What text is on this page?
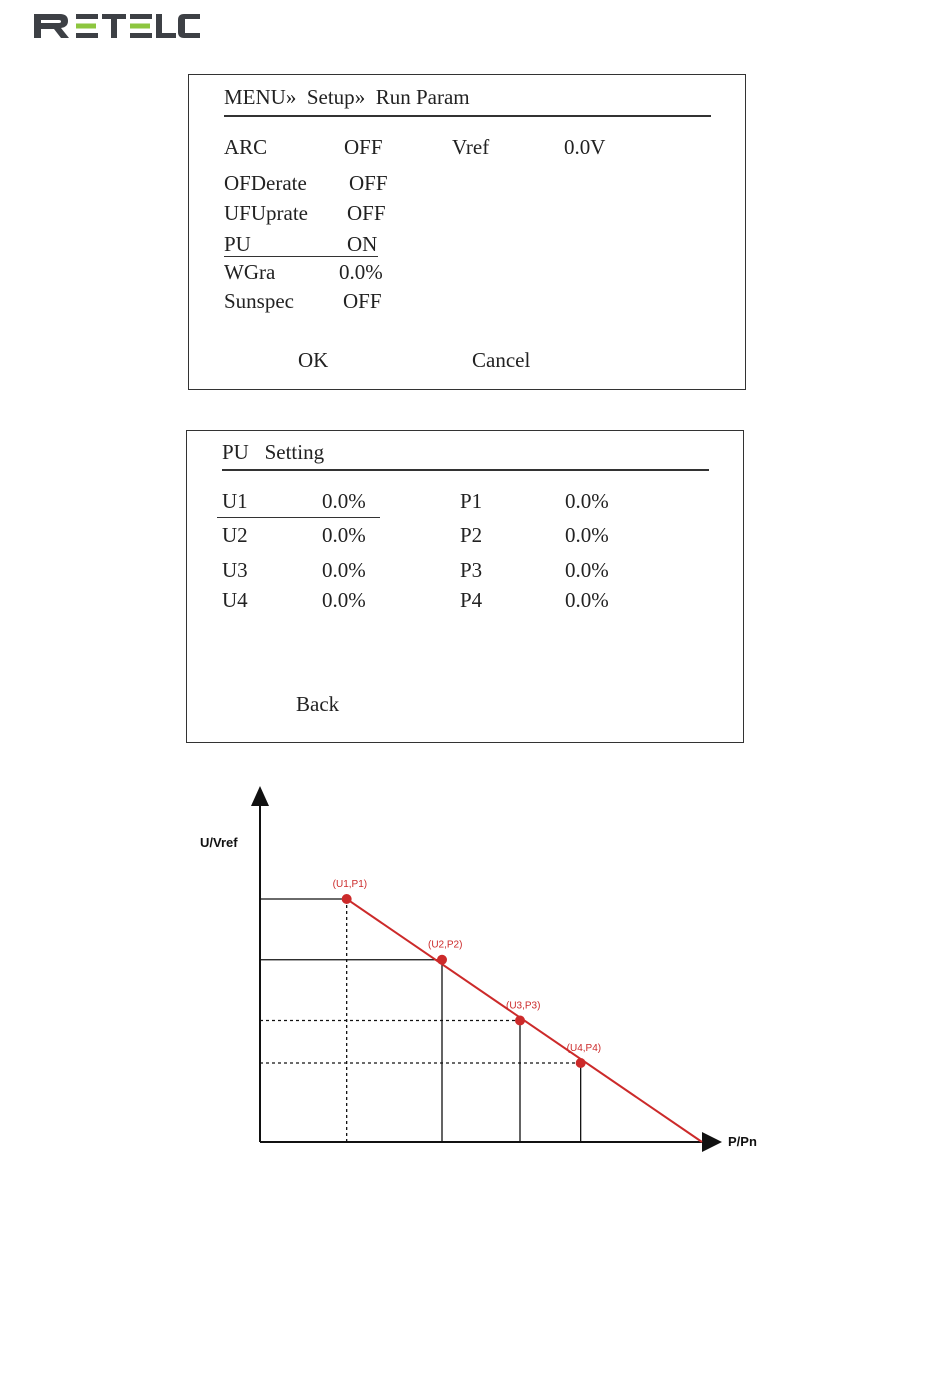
MENU» Setup» Run Param
ARC	OFF	Vref	0.0V
OFDerate OFF
UFUprate OFF
PU	ON
WGra	0.0%
Sunspec OFF
OK	Cancel
PU   Setting
U1	0.0%	P1	0.0%
U2	0.0%	P2	0.0%
U3	0.0%	P3	0.0%
U4	0.0%	P4	0.0%
Back
U/Vref
P/Pn
(U1,P1)
(U2,P2)
(U3,P3)
(U4,P4)
